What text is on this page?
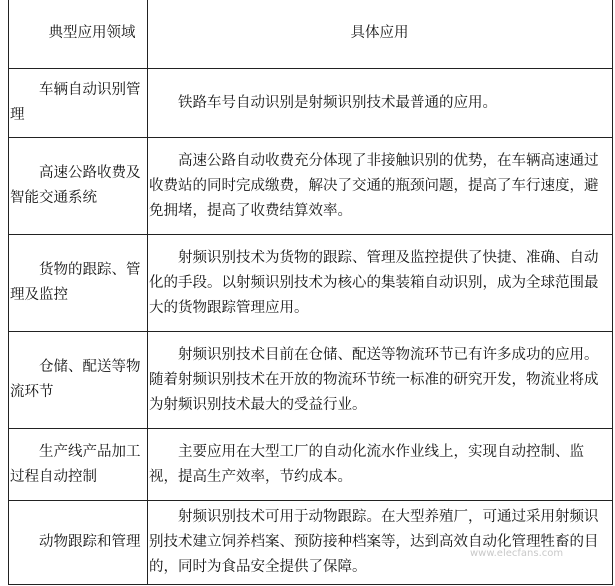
典型应用领域	具体应用
车辆自动识别管理	铁路车号自动识别是射频识别技术最普通的应用。
高速公路收费及智能交通系统	高速公路自动收费充分体现了非接触识别的优势，在车辆高速通过收费站的同时完成缴费，解决了交通的瓶颈问题，提高了车行速度，避免拥堵，提高了收费结算效率。
货物的跟踪、管理及监控	射频识别技术为货物的跟踪、管理及监控提供了快捷、准确、自动化的手段。以射频识别技术为核心的集装箱自动识别，成为全球范围最大的货物跟踪管理应用。
仓储、配送等物流环节	射频识别技术目前在仓储、配送等物流环节已有许多成功的应用。随着射频识别技术在开放的物流环节统一标准的研究开发，物流业将成为射频识别技术最大的受益行业。
生产线产品加工过程自动控制	主要应用在大型工厂的自动化流水作业线上，实现自动控制、监视，提高生产效率，节约成本。
动物跟踪和管理	射频识别技术可用于动物跟踪。在大型养殖厂，可通过采用射频识别技术建立饲养档案、预防接种档案等，达到高效自动化管理牲畜的目的，同时为食品安全提供了保障。
www.elecfans.com
